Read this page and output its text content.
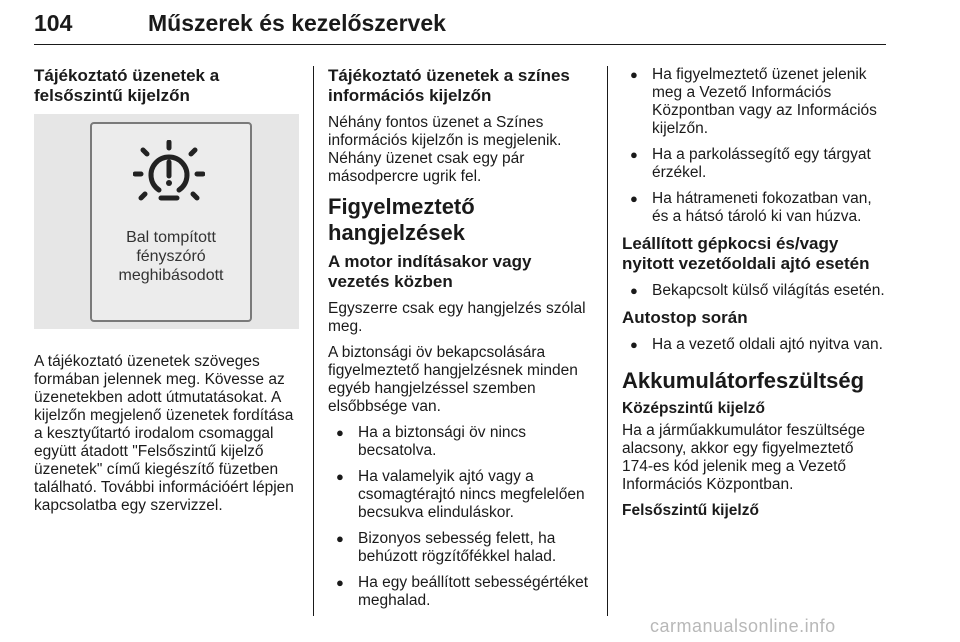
104	Műszerek és kezelőszervek
Tájékoztató üzenetek a felsőszintű kijelzőn
Bal tompított
fényszóró
meghibásodott

A tájékoztató üzenetek szöveges formában jelennek meg. Kövesse az üzenetekben adott útmutatásokat. A kijelzőn megjelenő üzenetek fordítása a kesztyűtartó irodalom csomaggal együtt átadott "Felsőszintű kijelző üzenetek" című kiegészítő füzetben található. További információért lépjen kapcsolatba egy szervizzel.

Tájékoztató üzenetek a színes információs kijelzőn

Néhány fontos üzenet a Színes információs kijelzőn is megjelenik. Néhány üzenet csak egy pár másodpercre ugrik fel.

Figyelmeztető hangjelzések
A motor indításakor vagy vezetés közben

Egyszerre csak egy hangjelzés szólal meg.

A biztonsági öv bekapcsolására figyelmeztető hangjelzésnek minden egyéb hangjelzéssel szemben elsőbbsége van.

● Ha a biztonsági öv nincs becsatolva.
● Ha valamelyik ajtó vagy a csomagtérajtó nincs megfelelően becsukva elinduláskor.
● Bizonyos sebesség felett, ha behúzott rögzítőfékkel halad.
● Ha egy beállított sebességértéket meghalad.
● Ha figyelmeztető üzenet jelenik meg a Vezető Információs Központban vagy az Információs kijelzőn.
● Ha a parkolássegítő egy tárgyat érzékel.
● Ha hátrameneti fokozatban van, és a hátsó tároló ki van húzva.
Leállított gépkocsi és/vagy nyitott vezetőoldali ajtó esetén
● Bekapcsolt külső világítás esetén.
Autostop során
● Ha a vezető oldali ajtó nyitva van.
Akkumulátorfeszültség
Középszintű kijelző

Ha a járműakkumulátor feszültsége alacsony, akkor egy figyelmeztető 174-es kód jelenik meg a Vezető Információs Központban.

Felsőszintű kijelző
carmanualsonline.info
